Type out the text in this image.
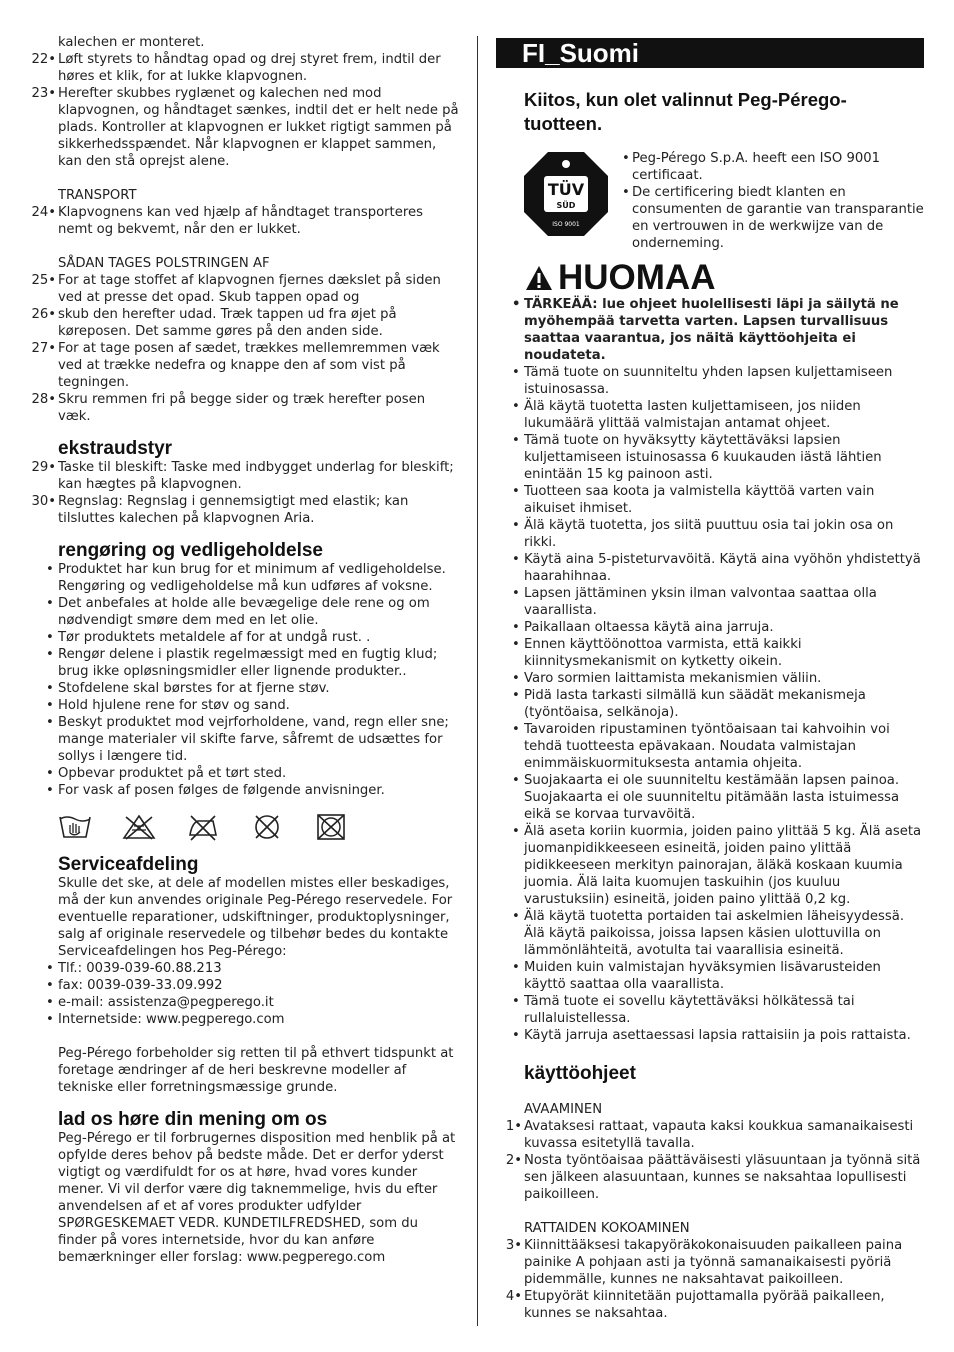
kalechen er monteret.
22• Løft styrets to håndtag opad og drej styret frem, indtil der høres et klik, for at lukke klapvognen.
23• Herefter skubbes ryglænet og kalechen ned mod klapvognen, og håndtaget sænkes, indtil det er helt nede på plads. Kontroller at klapvognen er lukket rigtigt sammen på sikkerhedsspændet. Når klapvognen er klappet sammen, kan den stå oprejst alene.
TRANSPORT
24• Klapvognens kan ved hjælp af håndtaget transporteres nemt og bekvemt, når den er lukket.
SÅDAN TAGES POLSTRINGEN AF
25• For at tage stoffet af klapvognen fjernes dækslet på siden ved at presse det opad. Skub tappen opad og
26• skub den herefter udad. Træk tappen ud fra øjet på køreposen. Det samme gøres på den anden side.
27• For at tage posen af sædet, trækkes mellemremmen væk ved at trække nedefra og knappe den af som vist på tegningen.
28• Skru remmen fri på begge sider og træk herefter posen væk.
ekstraudstyr
29• Taske til bleskift: Taske med indbygget underlag for bleskift; kan hægtes på klapvognen.
30• Regnslag: Regnslag i gennemsigtigt med elastik; kan tilsluttes kalechen på klapvognen Aria.
rengøring og vedligeholdelse
• Produktet har kun brug for et minimum af vedligeholdelse. Rengøring og vedligeholdelse må kun udføres af voksne.
• Det anbefales at holde alle bevægelige dele rene og om nødvendigt smøre dem med en let olie.
• Tør produktets metaldele af for at undgå rust. .
• Rengør delene i plastik regelmæssigt med en fugtig klud; brug ikke opløsningsmidler eller lignende produkter..
• Stofdelene skal børstes for at fjerne støv.
• Hold hjulene rene for støv og sand.
• Beskyt produktet mod vejrforholdene, vand, regn eller sne; mange materialer vil skifte farve, såfremt de udsættes for sollys i længere tid.
• Opbevar produktet på et tørt sted.
• For vask af posen følges de følgende anvisninger.
Serviceafdeling
Skulle det ske, at dele af modellen mistes eller beskadiges, må der kun anvendes originale Peg-Pérego reservedele. For eventuelle reparationer, udskiftninger, produktoplysninger, salg af originale reservedele og tilbehør bedes du kontakte Serviceafdelingen hos Peg-Pérego:
• Tlf.: 0039-039-60.88.213
• fax: 0039-039-33.09.992
• e-mail: assistenza@pegperego.it
• Internetside: www.pegperego.com
Peg-Pérego forbeholder sig retten til på ethvert tidspunkt at foretage ændringer af de heri beskrevne modeller af tekniske eller forretningsmæssige grunde.
lad os høre din mening om os
Peg-Pérego er til forbrugernes disposition med henblik på at opfylde deres behov på bedste måde. Det er derfor yderst vigtigt og værdifuldt for os at høre, hvad vores kunder mener. Vi vil derfor være dig taknemmelige, hvis du efter anvendelsen af et af vores produkter udfylder SPØRGESKEMAET VEDR. KUNDETILFREDSHED, som du finder på vores internetside, hvor du kan anføre bemærkninger eller forslag: www.pegperego.com
FI_Suomi
Kiitos, kun olet valinnut Peg-Pérego-tuotteen.
TÜV
SÜD
ISO 9001
• Peg-Pérego S.p.A. heeft een ISO 9001 certificaat.
• De certificering biedt klanten en consumenten de garantie van transparantie en vertrouwen in de werkwijze van de onderneming.
HUOMAA
• TÄRKEÄÄ: lue ohjeet huolellisesti läpi ja säilytä ne myöhempää tarvetta varten. Lapsen turvallisuus saattaa vaarantua, jos näitä käyttöohjeita ei noudateta.
• Tämä tuote on suunniteltu yhden lapsen kuljettamiseen istuinosassa.
• Älä käytä tuotetta lasten kuljettamiseen, jos niiden lukumäärä ylittää valmistajan antamat ohjeet.
• Tämä tuote on hyväksytty käytettäväksi lapsien kuljettamiseen istuinosassa 6 kuukauden iästä lähtien enintään 15 kg painoon asti.
• Tuotteen saa koota ja valmistella käyttöä varten vain aikuiset ihmiset.
• Älä käytä tuotetta, jos siitä puuttuu osia tai jokin osa on rikki.
• Käytä aina 5-pisteturvavöitä. Käytä aina vyöhön yhdistettyä haarahihnaa.
• Lapsen jättäminen yksin ilman valvontaa saattaa olla vaarallista.
• Paikallaan oltaessa käytä aina jarruja.
• Ennen käyttöönottoa varmista, että kaikki kiinnitysmekanismit on kytketty oikein.
• Varo sormien laittamista mekanismien väliin.
• Pidä lasta tarkasti silmällä kun säädät mekanismeja (työntöaisa, selkänoja).
• Tavaroiden ripustaminen työntöaisaan tai kahvoihin voi tehdä tuotteesta epävakaan. Noudata valmistajan enimmäiskuormituksesta antamia ohjeita.
• Suojakaarta ei ole suunniteltu kestämään lapsen painoa. Suojakaarta ei ole suunniteltu pitämään lasta istuimessa eikä se korvaa turvavöitä.
• Älä aseta koriin kuormia, joiden paino ylittää 5 kg. Älä aseta juomanpidikkeeseen esineitä, joiden paino ylittää pidikkeeseen merkityn painorajan, äläkä koskaan kuumia juomia. Älä laita kuomujen taskuihin (jos kuuluu varustuksiin) esineitä, joiden paino ylittää 0,2 kg.
• Älä käytä tuotetta portaiden tai askelmien läheisyydessä. Älä käytä paikoissa, joissa lapsen käsien ulottuvilla on lämmönlähteitä, avotulta tai vaarallisia esineitä.
• Muiden kuin valmistajan hyväksymien lisävarusteiden käyttö saattaa olla vaarallista.
• Tämä tuote ei sovellu käytettäväksi hölkätessä tai rullaluistellessa.
• Käytä jarruja asettaessasi lapsia rattaisiin ja pois rattaista.
käyttöohjeet
AVAAMINEN
1• Avataksesi rattaat, vapauta kaksi koukkua samanaikaisesti kuvassa esitetyllä tavalla.
2• Nosta työntöaisaa päättäväisesti yläsuuntaan ja työnnä sitä sen jälkeen alasuuntaan, kunnes se naksahtaa lopullisesti paikoilleen.
RATTAIDEN KOKOAMINEN
3• Kiinnittääksesi takapyöräkokonaisuuden paikalleen paina painike A pohjaan asti ja työnnä samanaikaisesti pyöriä pidemmälle, kunnes ne naksahtavat paikoilleen.
4• Etupyörät kiinnitetään pujottamalla pyörää paikalleen, kunnes se naksahtaa.
